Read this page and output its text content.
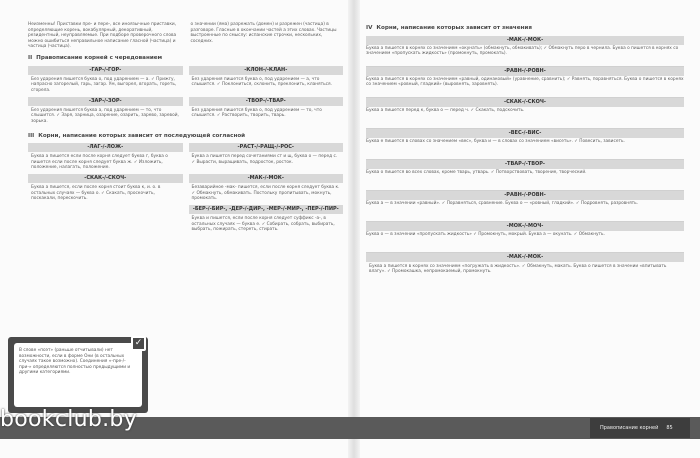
Неизменны! Приставки пре- и пере-, все иноязычные приставки, определяющие корень, вокабулярный, декоративный, резидентный, неуправляемые. При подборе проверочного слова можно ошибиться неправильное написание гласной (частица) и частица (частица).
о значении (яма) разрежать (домен) и разрежен (частица) в разговоре. Гласные в окончании частей а этих словах. Частицы выстроенные по смыслу: испанские строчки, нескольких, соседних.
II Правописание корней с чередованием
-ГАР-/-ГОР-
Без ударения пишется буква о, под ударением — а. ✓ Прижгу, напрасно загорелый, гарь, загар. Ум, выгорел, вгорать, гореть, сгорела.
-КЛОН-/-КЛАН-
Без ударения пишется буква о, под ударением — а, что слышится. ✓ Поклониться, склонить, преклонить, кланяться.
-ЗАР-/-ЗОР-
Без ударения пишется буква а, под ударением — то, что слышится. ✓ Заря, зарница, озарение, озарить, зарево, заревой, зорька.
-ТВОР-/-ТВАР-
Без ударения пишется буква о, под ударением — то, что слышится. ✓ Растворить, творить, тварь.
III Корни, написание которых зависит от последующей согласной
-ЛАГ-/-ЛОЖ-
Буква а пишется если после корня следует буква г, буква о пишется если после корня следует буква ж. ✓ Изложить, положение, налагать, положение.
-РАСТ-/-РАЩ-/-РОС-
Буква а пишется перед сочетаниями ст и щ, буква о — перед с. ✓ Вырасти, выращивать, подросток, росток.
-СКАК-/-СКОЧ-
Буква а пишется, если после корня стоит буква к, и. о. в остальных случаях — буква о. ✓ Скакать, проскочить, поскакали, перескочить.
-МАК-/-МОК-
Безаварийное -мак- пишется, если после корня следует буква к. ✓ Обмакнуть, обмакивать. Постольку пропитывать, мокнуть, промокать.
-БЕР-/-БИР-, -ДЕР-/-ДИР-, -МЕР-/-МИР-, -ПЕР-/-ПИР-
Буква и пишется, если после корня следует суффикс -а-, в остальных случаях — буква е. ✓ Собирать, собрать, выбирать, выбрать, пожирать, стереть, стирать.
✓
В слове «поэт» (раньше отчитывали) нет возможности, если в форме Они (в остальных случаях такое возможно). Соединения «-пре-/-при-» определяются полностью предыдущими и другими категориями.
IV Корни, написание которых зависит от значения
-МАК-/-МОК-
Буква а пишется в корнях со значением «окунать» (обмакнуть, обмакивать); ✓ Обмакнуть перо в чернила. Буква о пишется в корнях со значением «пропускать жидкость» (промокнуть, промокать).
-РАВН-/-РОВН-
Буква а пишется в корнях со значением «равный, одинаковый» (уравнение, сравнить); ✓ Равнять, поравняться. Буква о пишется в корнях со значением «ровный, гладкий» (выровнять, заровнять).
-СКАК-/-СКОЧ-
Буква а пишется перед к, буква о — перед ч. ✓ Скакать, подскочить.
-ВЕС-/-ВИС-
Буква е пишется в словах со значением «вес», буква и — в словах со значением «висеть». ✓ Повесить, зависеть.
-ТВАР-/-ТВОР-
Буква о пишется во всех словах, кроме тварь, утварь. ✓ Потворствовать, творение, творческий.
-РАВН-/-РОВН-
Буква а — в значении «равный». ✓ Поравняться, сравнение. Буква о — «ровный, гладкий». ✓ Подровнять, разровнять.
-МОК-/-МОЧ-
Буква о — в значении «пропускать жидкость» ✓ Промокнуть, мокрый. Буква а — окунать. ✓ Обмакнуть.
-МАК-/-МОК-
Буква а пишется в корнях со значением «погружать в жидкость». ✓ Обмакнуть, макать. Буква о пишется в значении «впитывать влагу». ✓ Промокашка, непромокаемый, промокнуть.
Правописание корней 85
bookclub.by
